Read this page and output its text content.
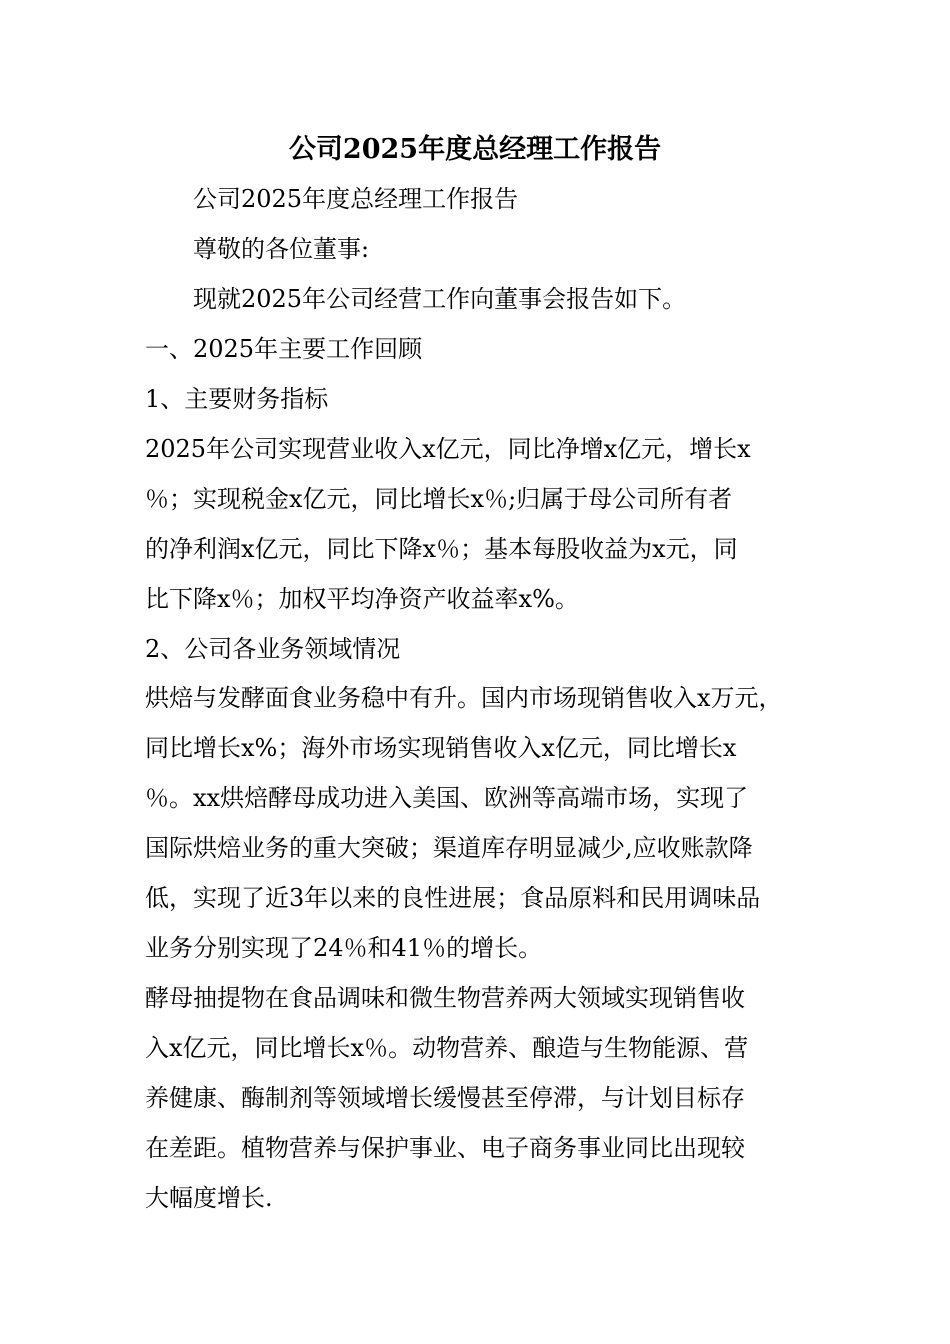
公司2025年度总经理工作报告
公司2025年度总经理工作报告
尊敬的各位董事:
现就2025年公司经营工作向董事会报告如下。
一、2025年主要工作回顾
1、主要财务指标
2025年公司实现营业收入x亿元，同比净增x亿元，增长x
％；实现税金x亿元，同比增长x％;归属于母公司所有者
的净利润x亿元，同比下降x％；基本每股收益为x元，同
比下降x％；加权平均净资产收益率x%。
2、公司各业务领域情况
烘焙与发酵面食业务稳中有升。国内市场现销售收入x万元，
同比增长x%；海外市场实现销售收入x亿元，同比增长x
％。xx烘焙酵母成功进入美国、欧洲等高端市场，实现了
国际烘焙业务的重大突破；渠道库存明显减少,应收账款降
低，实现了近3年以来的良性进展；食品原料和民用调味品
业务分别实现了24％和41％的增长。
酵母抽提物在食品调味和微生物营养两大领域实现销售收
入x亿元，同比增长x％。动物营养、酿造与生物能源、营
养健康、酶制剂等领域增长缓慢甚至停滞，与计划目标存
在差距。植物营养与保护事业、电子商务事业同比出现较
大幅度增长.
